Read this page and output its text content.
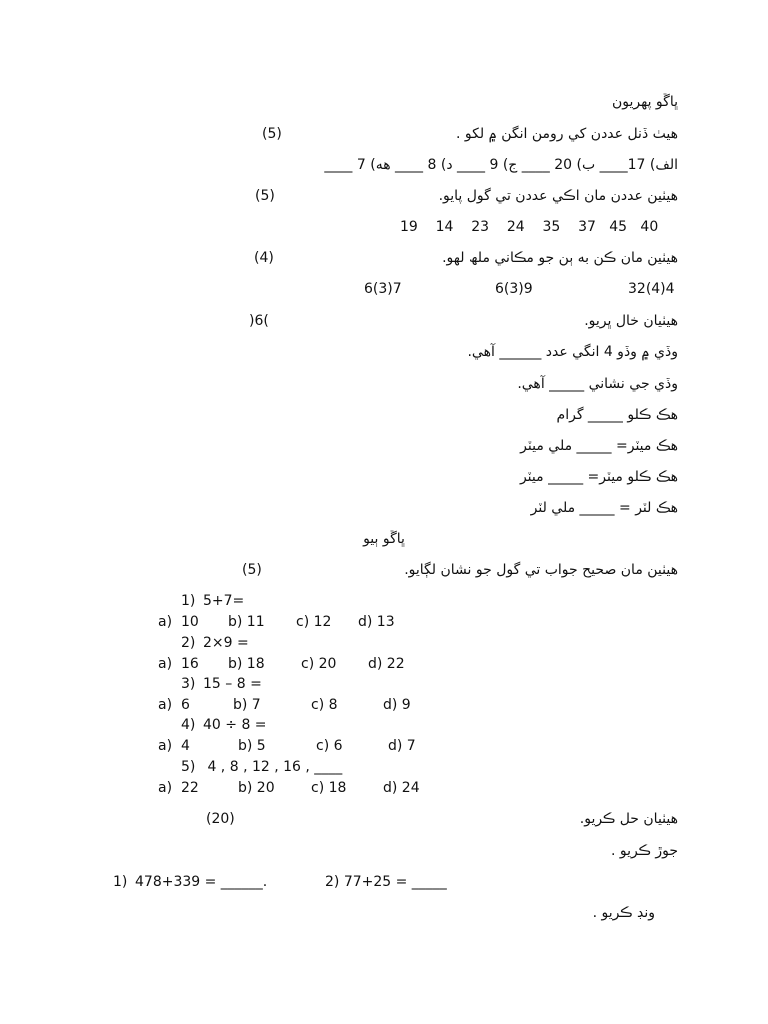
ڀاڱو پهريون
هيٺ ڏنل عددن کي رومن انگن ۾ لکو .
(5)
الف) 17____ ب) 20 ____ ج) 9 ____ د) 8 ____ هه) 7 ____
هيٺين عددن مان اڪي عددن تي گول پايو.
(5)
19    14    23    24    35    37   45   40
هيٺين مان ڪن به ٻن جو مڪاني ملھ لھو.
(4)
6(3)7	6(3)9	32(4)4
هيٺيان خال ڀريو.
)6(
وڏي ۾ وڏو 4 انگي عدد ______ آهي.
وڏي جي نشاني _____ آهي.
هڪ ڪلو _____ گرام
هڪ ميٽر= _____ ملي ميٽر
هڪ ڪلو ميٽر= _____ ميٽر
هڪ لٽر = _____ ملي لٽر
ڀاڱو ٻيو
هيٺين مان صحيح جواب تي گول جو نشان لڳايو.
(5)
1) 5+7=
a) 10 b) 11 c) 12 d) 13
2) 2×9 =
a) 16 b) 18	c) 20 d) 22
3) 15 – 8 =
a) 6	b) 7	c) 8	d) 9
4) 40 ÷ 8 =
a) 4	b) 5	c) 6	d) 7
5) 4 , 8 , 12 , 16 , ____
a) 22	b) 20	c) 18	d) 24
هيٺيان حل ڪريو.
(20)
جوڙ ڪريو .
1) 478+339 = ______.	2) 77+25 = _____
ونڊ ڪريو .
